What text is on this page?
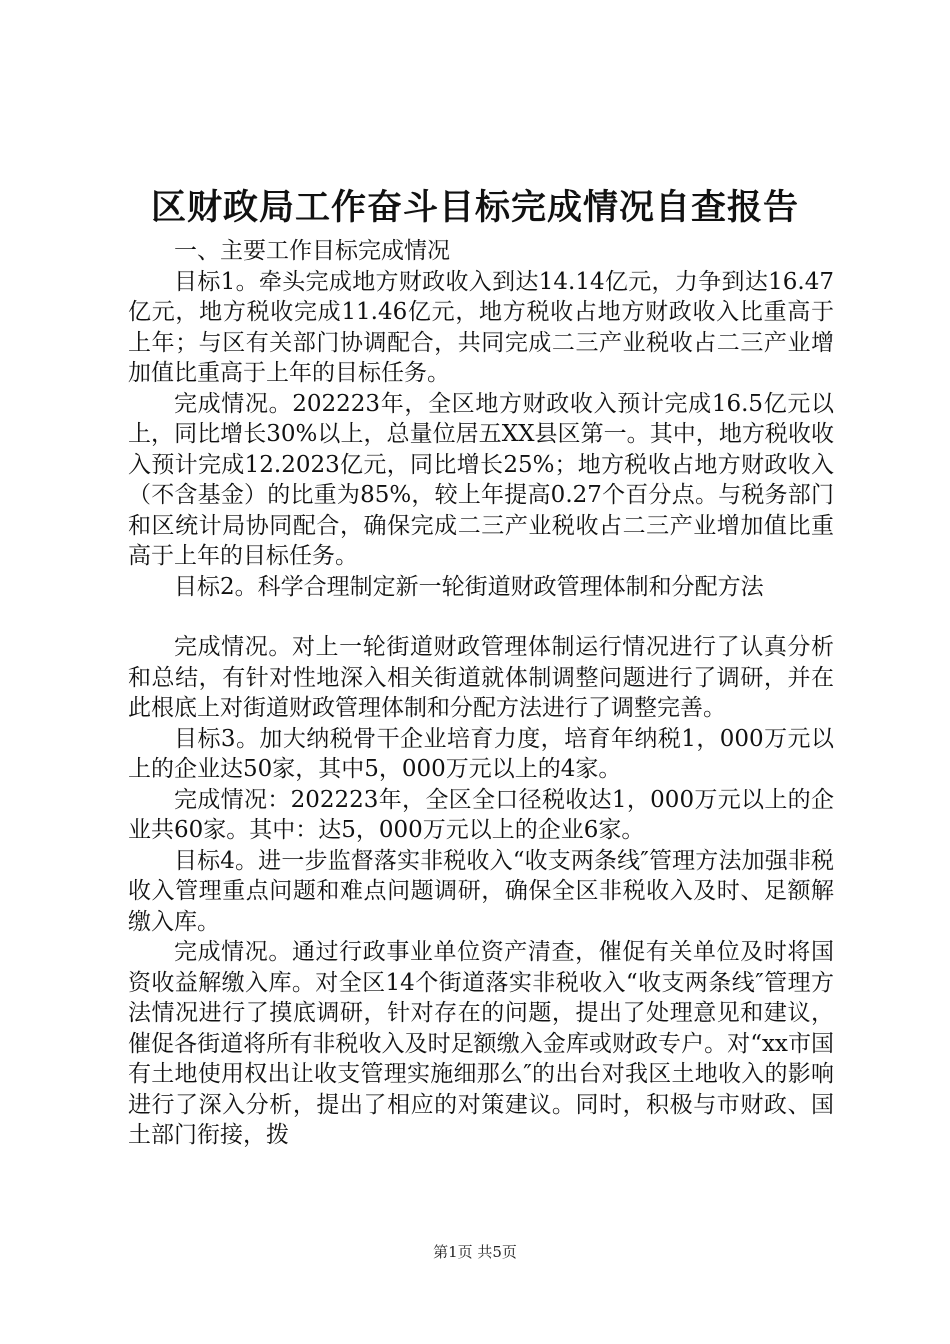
区财政局工作奋斗目标完成情况自查报告

一、主要工作目标完成情况

目标1。牵头完成地方财政收入到达14.14亿元，力争到达16.47亿元，地方税收完成11.46亿元，地方税收占地方财政收入比重高于上年；与区有关部门协调配合，共同完成二三产业税收占二三产业增加值比重高于上年的目标任务。

完成情况。202223年，全区地方财政收入预计完成16.5亿元以上，同比增长30%以上，总量位居五XX县区第一。其中，地方税收收入预计完成12.2023亿元，同比增长25%；地方税收占地方财政收入（不含基金）的比重为85%，较上年提高0.27个百分点。与税务部门和区统计局协同配合，确保完成二三产业税收占二三产业增加值比重高于上年的目标任务。

目标2。科学合理制定新一轮街道财政管理体制和分配方法

完成情况。对上一轮街道财政管理体制运行情况进行了认真分析和总结，有针对性地深入相关街道就体制调整问题进行了调研，并在此根底上对街道财政管理体制和分配方法进行了调整完善。

目标3。加大纳税骨干企业培育力度，培育年纳税1，000万元以上的企业达50家，其中5，000万元以上的4家。

完成情况：202223年，全区全口径税收达1，000万元以上的企业共60家。其中：达5，000万元以上的企业6家。

目标4。进一步监督落实非税收入“收支两条线″管理方法加强非税收入管理重点问题和难点问题调研，确保全区非税收入及时、足额解缴入库。

完成情况。通过行政事业单位资产清查，催促有关单位及时将国资收益解缴入库。对全区14个街道落实非税收入“收支两条线″管理方法情况进行了摸底调研，针对存在的问题，提出了处理意见和建议，催促各街道将所有非税收入及时足额缴入金库或财政专户。对“xx市国有土地使用权出让收支管理实施细那么″的出台对我区土地收入的影响进行了深入分析，提出了相应的对策建议。同时，积极与市财政、国土部门衔接，拨

第1页 共5页
